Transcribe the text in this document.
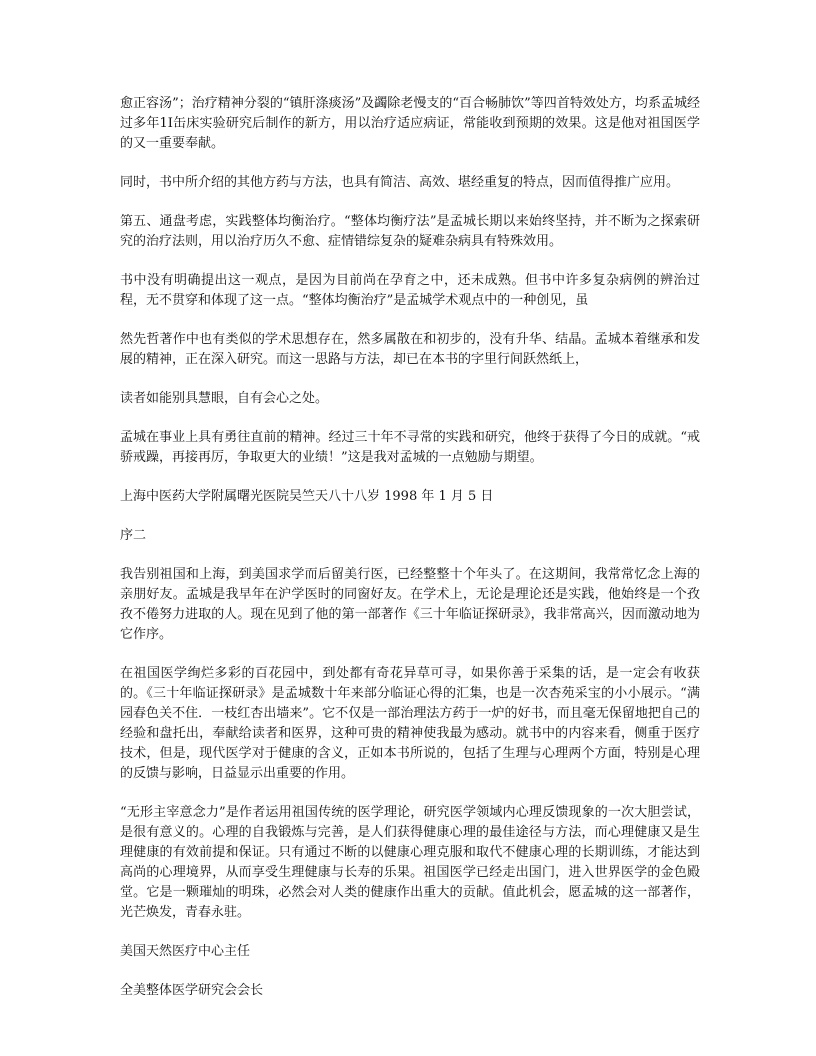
愈正容汤”；治疗精神分裂的“镇肝涤痰汤”及蠲除老慢支的“百合畅肺饮”等四首特效处方，均系孟城经过多年1I缶床实验研究后制作的新方，用以治疗适应病证，常能收到预期的效果。这是他对祖国医学的又一重要奉献。

同时，书中所介绍的其他方药与方法，也具有简洁、高效、堪经重复的特点，因而值得推广应用。

第五、通盘考虑，实践整体均衡治疗。“整体均衡疗法”是孟城长期以来始终坚持，并不断为之探索研究的治疗法则，用以治疗历久不愈、症情错综复杂的疑难杂病具有特殊效用。

书中没有明确提出这一观点，是因为目前尚在孕育之中，还未成熟。但书中许多复杂病例的辨治过程，无不贯穿和体现了这一点。“整体均衡治疗”是孟城学术观点中的一种创见，虽

然先哲著作中也有类似的学术思想存在，然多属散在和初步的，没有升华、结晶。孟城本着继承和发展的精神，正在深入研究。而这一思路与方法，却已在本书的字里行间跃然纸上，

读者如能别具慧眼，自有会心之处。

孟城在事业上具有勇往直前的精神。经过三十年不寻常的实践和研究，他终于获得了今日的成就。“戒骄戒躁，再接再厉，争取更大的业绩！”这是我对孟城的一点勉励与期望。

上海中医药大学附属曙光医院吴竺天八十八岁 1998 年 1 月 5 日

序二

我告别祖国和上海，到美国求学而后留美行医，已经整整十个年头了。在这期间，我常常忆念上海的亲朋好友。孟城是我早年在沪学医时的同窗好友。在学术上，无论是理论还是实践，他始终是一个孜孜不倦努力进取的人。现在见到了他的第一部著作《三十年临证探研录》，我非常高兴，因而激动地为它作序。

在祖国医学绚烂多彩的百花园中，到处都有奇花异草可寻，如果你善于采集的话，是一定会有收获的。《三十年临证探研录》是孟城数十年来部分临证心得的汇集，也是一次杏苑采宝的小小展示。“满园春色关不住．一枝红杏出墙来”。它不仅是一部治理法方药于一炉的好书，而且毫无保留地把自己的经验和盘托出，奉献给读者和医界，这种可贵的精神使我最为感动。就书中的内容来看，侧重于医疗技术，但是，现代医学对于健康的含义，正如本书所说的，包括了生理与心理两个方面，特别是心理的反馈与影响，日益显示出重要的作用。

“无形主宰意念力”是作者运用祖国传统的医学理论，研究医学领域内心理反馈现象的一次大胆尝试，是很有意义的。心理的自我锻炼与完善，是人们获得健康心理的最佳途径与方法，而心理健康又是生理健康的有效前提和保证。只有通过不断的以健康心理克服和取代不健康心理的长期训练，才能达到高尚的心理境界，从而享受生理健康与长寿的乐果。祖国医学已经走出国门，进入世界医学的金色殿堂。它是一颗璀灿的明珠，必然会对人类的健康作出重大的贡献。值此机会，愿孟城的这一部著作，光芒焕发，青春永驻。

美国天然医疗中心主任

全美整体医学研究会会长
